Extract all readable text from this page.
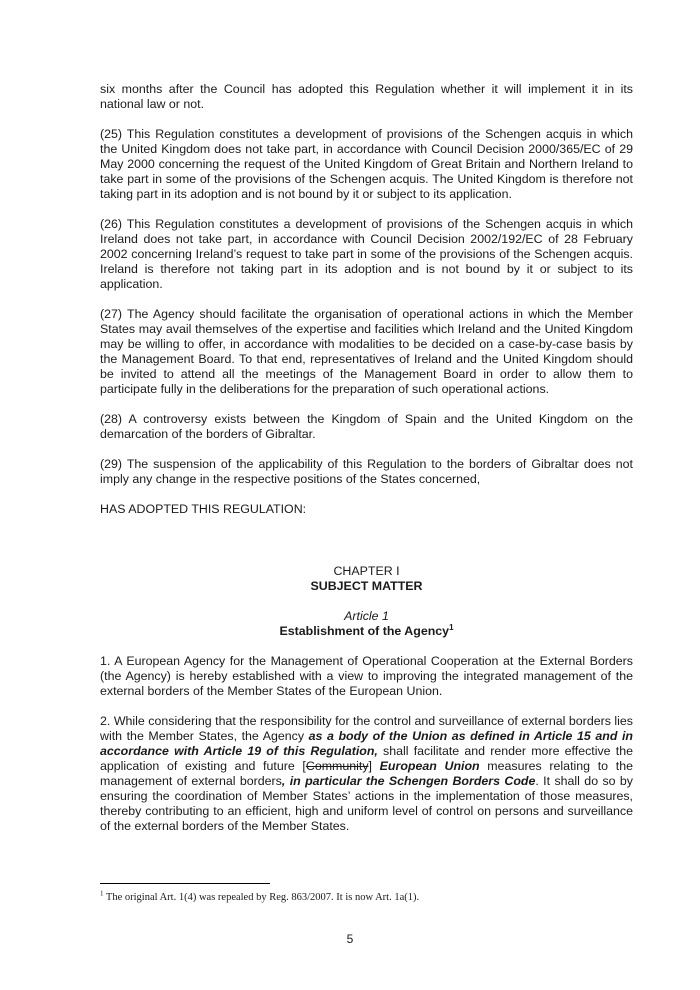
six months after the Council has adopted this Regulation whether it will implement it in its national law or not.

(25) This Regulation constitutes a development of provisions of the Schengen acquis in which the United Kingdom does not take part, in accordance with Council Decision 2000/365/EC of 29 May 2000 concerning the request of the United Kingdom of Great Britain and Northern Ireland to take part in some of the provisions of the Schengen acquis. The United Kingdom is therefore not taking part in its adoption and is not bound by it or subject to its application.

(26) This Regulation constitutes a development of provisions of the Schengen acquis in which Ireland does not take part, in accordance with Council Decision 2002/192/EC of 28 February 2002 concerning Ireland’s request to take part in some of the provisions of the Schengen acquis. Ireland is therefore not taking part in its adoption and is not bound by it or subject to its application.

(27) The Agency should facilitate the organisation of operational actions in which the Member States may avail themselves of the expertise and facilities which Ireland and the United Kingdom may be willing to offer, in accordance with modalities to be decided on a case-by-case basis by the Management Board. To that end, representatives of Ireland and the United Kingdom should be invited to attend all the meetings of the Management Board in order to allow them to participate fully in the deliberations for the preparation of such operational actions.

(28) A controversy exists between the Kingdom of Spain and the United Kingdom on the demarcation of the borders of Gibraltar.

(29) The suspension of the applicability of this Regulation to the borders of Gibraltar does not imply any change in the respective positions of the States concerned,

HAS ADOPTED THIS REGULATION:

CHAPTER I
SUBJECT MATTER
Article 1
Establishment of the Agency$^1$

1. A European Agency for the Management of Operational Cooperation at the External Borders (the Agency) is hereby established with a view to improving the integrated management of the external borders of the Member States of the European Union.

2. While considering that the responsibility for the control and surveillance of external borders lies with the Member States, the Agency as a body of the Union as defined in Article 15 and in accordance with Article 19 of this Regulation, shall facilitate and render more effective the application of existing and future [Community] European Union measures relating to the management of external borders, in particular the Schengen Borders Code. It shall do so by ensuring the coordination of Member States’ actions in the implementation of those measures, thereby contributing to an efficient, high and uniform level of control on persons and surveillance of the external borders of the Member States.

$^1$ The original Art. 1(4) was repealed by Reg. 863/2007. It is now Art. 1a(1).
5
